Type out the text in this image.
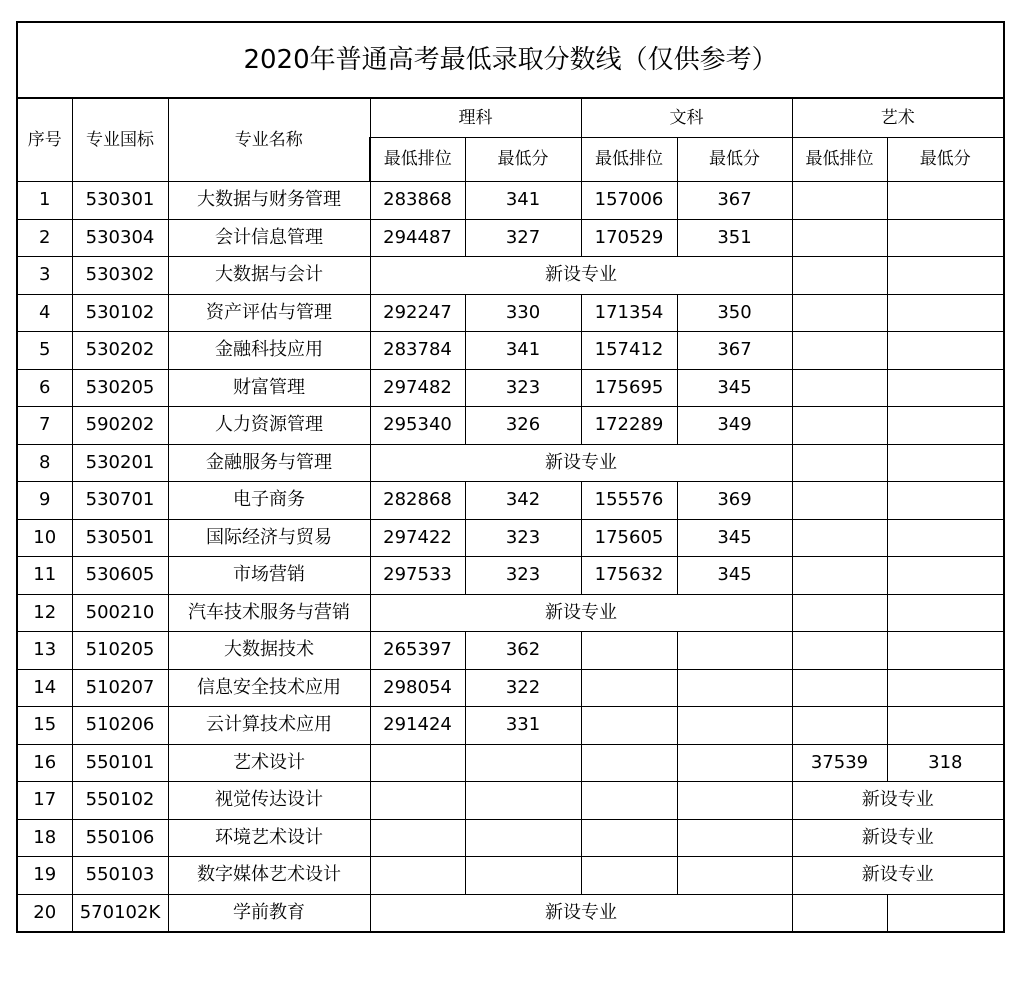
2020年普通高考最低录取分数线（仅供参考）								
序号	专业国标	专业名称	理科		文科		艺术	
			最低排位	最低分	最低排位	最低分	最低排位	最低分
1	530301	大数据与财务管理	283868	341	157006	367		
2	530304	会计信息管理	294487	327	170529	351		
3	530302	大数据与会计	新设专业					
4	530102	资产评估与管理	292247	330	171354	350		
5	530202	金融科技应用	283784	341	157412	367		
6	530205	财富管理	297482	323	175695	345		
7	590202	人力资源管理	295340	326	172289	349		
8	530201	金融服务与管理	新设专业					
9	530701	电子商务	282868	342	155576	369		
10	530501	国际经济与贸易	297422	323	175605	345		
11	530605	市场营销	297533	323	175632	345		
12	500210	汽车技术服务与营销	新设专业					
13	510205	大数据技术	265397	362				
14	510207	信息安全技术应用	298054	322				
15	510206	云计算技术应用	291424	331				
16	550101	艺术设计					37539	318
17	550102	视觉传达设计					新设专业	
18	550106	环境艺术设计					新设专业	
19	550103	数字媒体艺术设计					新设专业	
20	570102K	学前教育	新设专业					
